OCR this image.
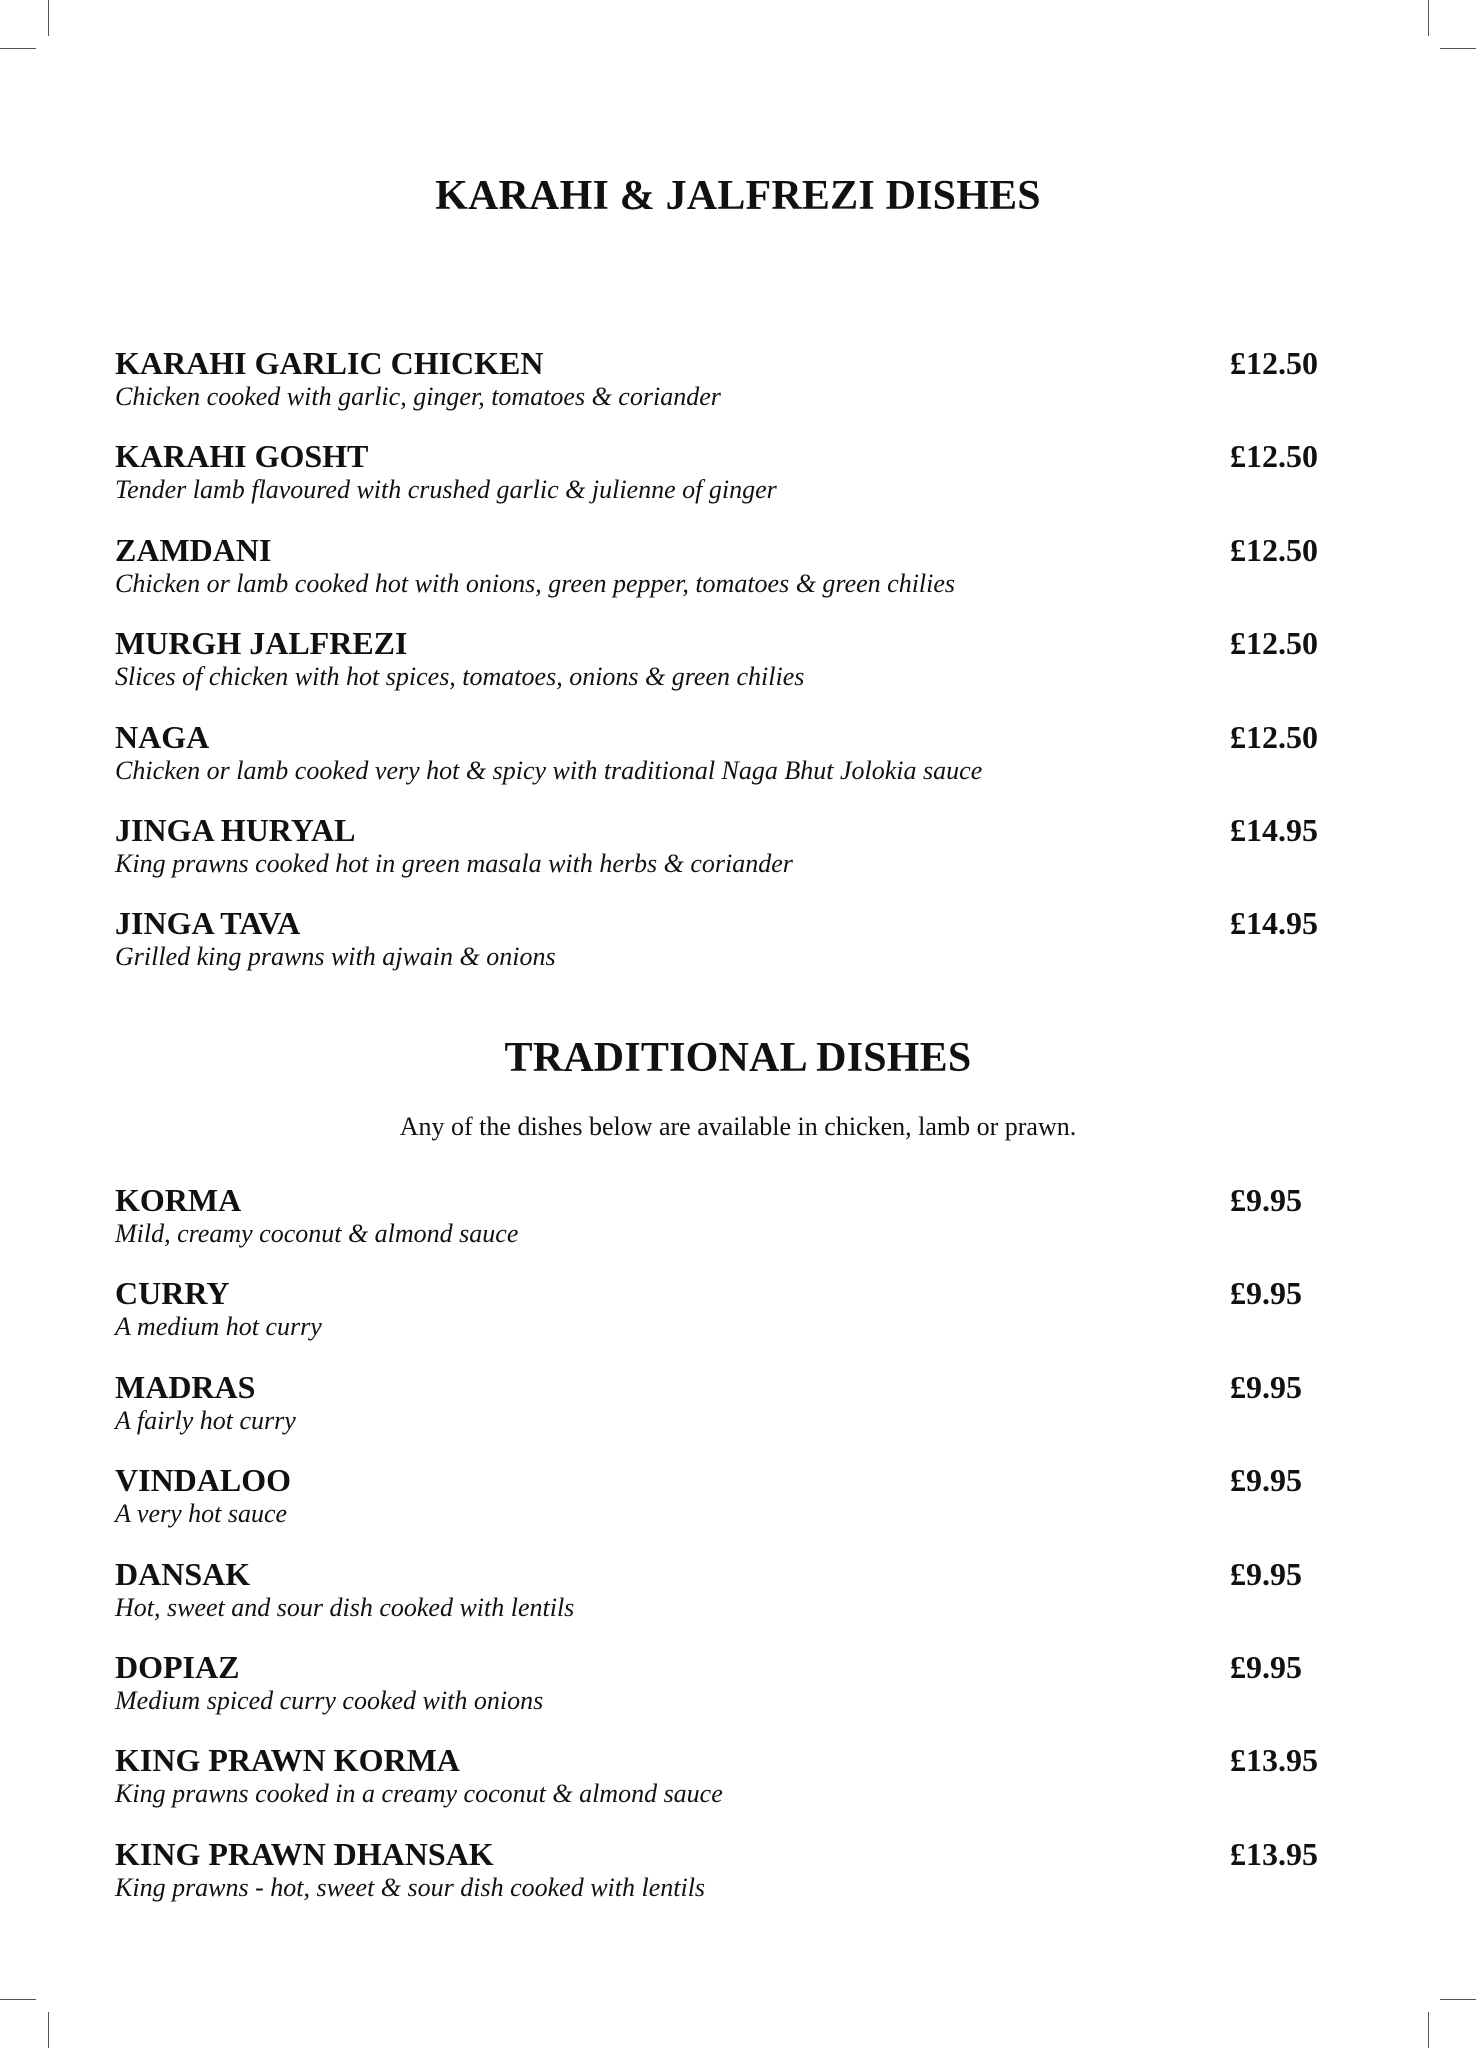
KARAHI & JALFREZI DISHES
KARAHI GARLIC CHICKEN	£12.50
Chicken cooked with garlic, ginger, tomatoes & coriander
KARAHI GOSHT	£12.50
Tender lamb flavoured with crushed garlic & julienne of ginger
ZAMDANI	£12.50
Chicken or lamb cooked hot with onions, green pepper, tomatoes & green chilies
MURGH JALFREZI	£12.50
Slices of chicken with hot spices, tomatoes, onions & green chilies
NAGA	£12.50
Chicken or lamb cooked very hot & spicy with traditional Naga Bhut Jolokia sauce
JINGA HURYAL	£14.95
King prawns cooked hot in green masala with herbs & coriander
JINGA TAVA	£14.95
Grilled king prawns with ajwain & onions
TRADITIONAL DISHES

Any of the dishes below are available in chicken, lamb or prawn.

KORMA	£9.95
Mild, creamy coconut & almond sauce
CURRY	£9.95
A medium hot curry
MADRAS	£9.95
A fairly hot curry
VINDALOO	£9.95
A very hot sauce
DANSAK	£9.95
Hot, sweet and sour dish cooked with lentils
DOPIAZ	£9.95
Medium spiced curry cooked with onions
KING PRAWN KORMA	£13.95
King prawns cooked in a creamy coconut & almond sauce
KING PRAWN DHANSAK	£13.95
King prawns - hot, sweet & sour dish cooked with lentils
